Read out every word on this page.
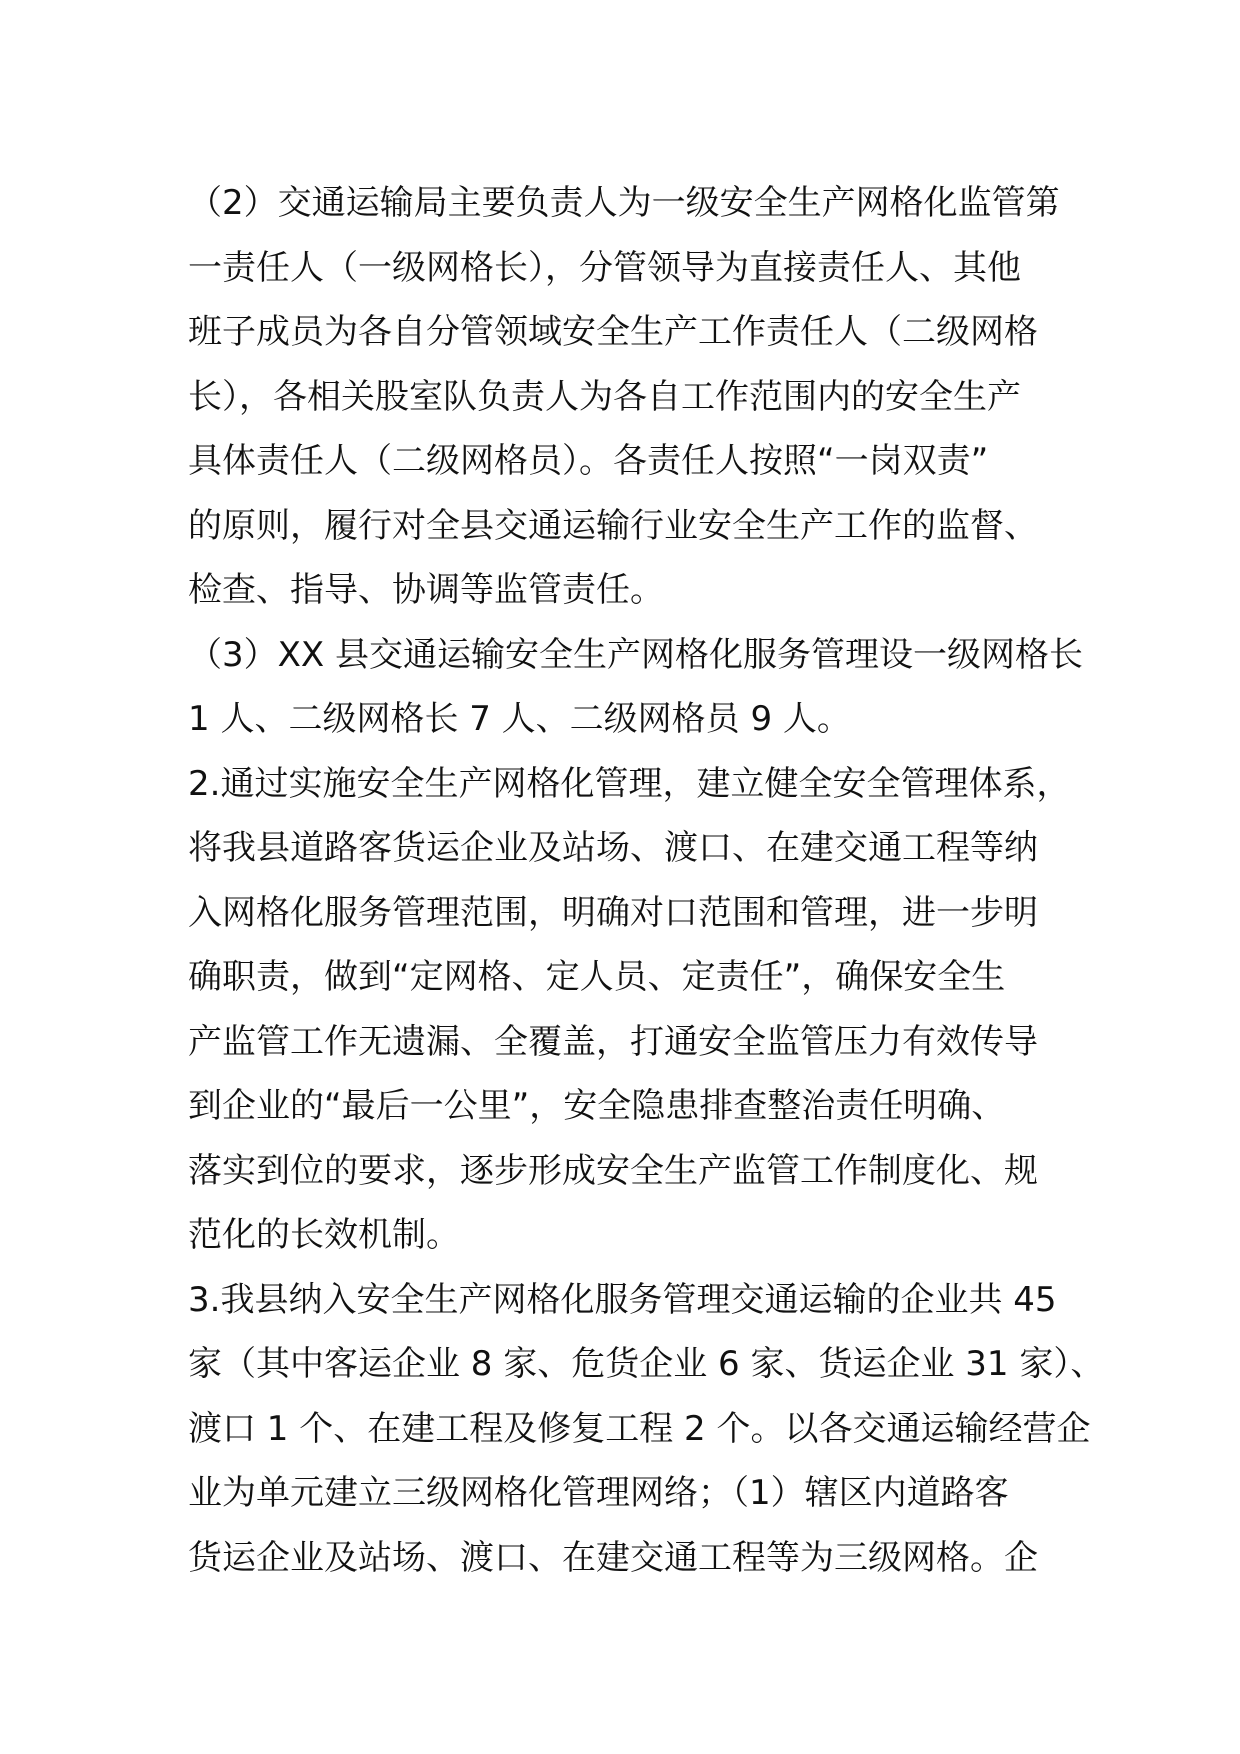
（2）交通运输局主要负责人为一级安全生产网格化监管第
一责任人（一级网格长），分管领导为直接责任人、其他
班子成员为各自分管领域安全生产工作责任人（二级网格
长），各相关股室队负责人为各自工作范围内的安全生产
具体责任人（二级网格员）。各责任人按照“一岗双责”
的原则，履行对全县交通运输行业安全生产工作的监督、
检查、指导、协调等监管责任。
（3）XX 县交通运输安全生产网格化服务管理设一级网格长
1 人、二级网格长 7 人、二级网格员 9 人。
2.通过实施安全生产网格化管理，建立健全安全管理体系，
将我县道路客货运企业及站场、渡口、在建交通工程等纳
入网格化服务管理范围，明确对口范围和管理，进一步明
确职责，做到“定网格、定人员、定责任”，确保安全生
产监管工作无遗漏、全覆盖，打通安全监管压力有效传导
到企业的“最后一公里”，安全隐患排查整治责任明确、
落实到位的要求，逐步形成安全生产监管工作制度化、规
范化的长效机制。
3.我县纳入安全生产网格化服务管理交通运输的企业共 45
家（其中客运企业 8 家、危货企业 6 家、货运企业 31 家）、
渡口 1 个、在建工程及修复工程 2 个。以各交通运输经营企
业为单元建立三级网格化管理网络；（1）辖区内道路客
货运企业及站场、渡口、在建交通工程等为三级网格。企
